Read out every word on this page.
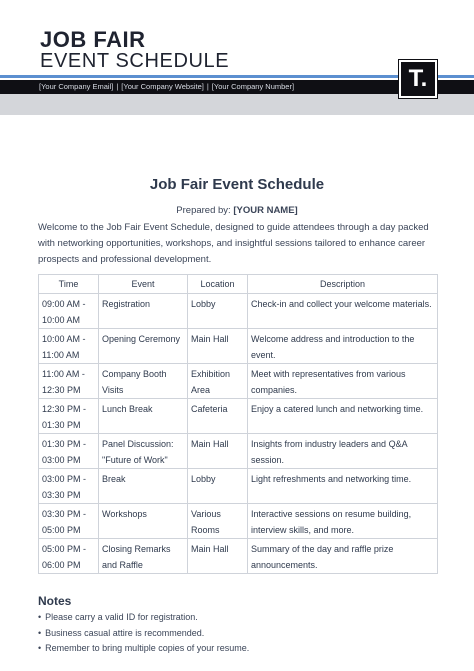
JOB FAIR
EVENT SCHEDULE
[Your Company Email] | [Your Company Website] | [Your Company Number]	T.
Job Fair Event Schedule
Prepared by: [YOUR NAME]
Welcome to the Job Fair Event Schedule, designed to guide attendees through a day packed with networking opportunities, workshops, and insightful sessions tailored to enhance career prospects and professional development.
Time	Event	Location	Description
09:00 AM - 10:00 AM	Registration	Lobby	Check-in and collect your welcome materials.
10:00 AM - 11:00 AM	Opening Ceremony	Main Hall	Welcome address and introduction to the event.
11:00 AM - 12:30 PM	Company Booth Visits	Exhibition Area	Meet with representatives from various companies.
12:30 PM - 01:30 PM	Lunch Break	Cafeteria	Enjoy a catered lunch and networking time.
01:30 PM - 03:00 PM	Panel Discussion: "Future of Work"	Main Hall	Insights from industry leaders and Q&A session.
03:00 PM - 03:30 PM	Break	Lobby	Light refreshments and networking time.
03:30 PM - 05:00 PM	Workshops	Various Rooms	Interactive sessions on resume building, interview skills, and more.
05:00 PM - 06:00 PM	Closing Remarks and Raffle	Main Hall	Summary of the day and raffle prize announcements.
Notes
• Please carry a valid ID for registration.
• Business casual attire is recommended.
• Remember to bring multiple copies of your resume.
